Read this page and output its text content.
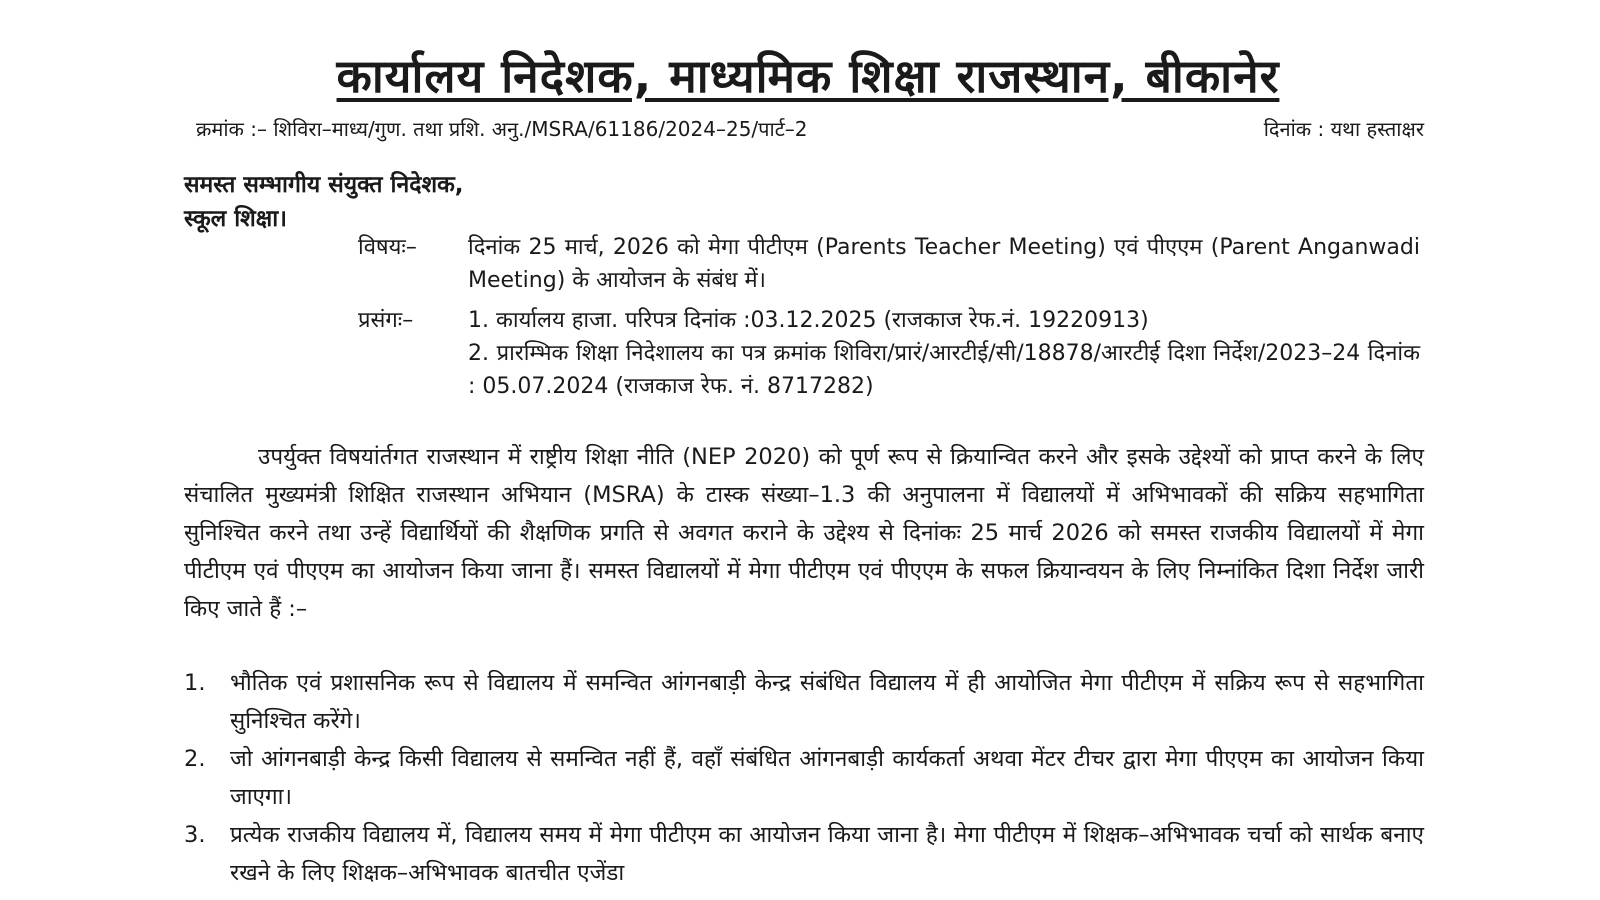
कार्यालय निदेशक, माध्यमिक शिक्षा राजस्थान, बीकानेर
क्रमांक :– शिविरा–माध्य/गुण. तथा प्रशि. अनु./MSRA/61186/2024–25/पार्ट–2	दिनांक : यथा हस्ताक्षर
समस्त सम्भागीय संयुक्त निदेशक,
स्कूल शिक्षा।
विषयः–	दिनांक 25 मार्च, 2026 को मेगा पीटीएम (Parents Teacher Meeting) एवं पीएएम (Parent Anganwadi Meeting) के आयोजन के संबंध में।
प्रसंगः–	1. कार्यालय हाजा. परिपत्र दिनांक :03.12.2025 (राजकाज रेफ.नं. 19220913)
2. प्रारम्भिक शिक्षा निदेशालय का पत्र क्रमांक शिविरा/प्रारं/आरटीई/सी/18878/आरटीई दिशा निर्देश/2023–24 दिनांक : 05.07.2024 (राजकाज रेफ. नं. 8717282)
उपर्युक्त विषयांर्तगत राजस्थान में राष्ट्रीय शिक्षा नीति (NEP 2020) को पूर्ण रूप से क्रियान्वित करने और इसके उद्देश्यों को प्राप्त करने के लिए संचालित मुख्यमंत्री शिक्षित राजस्थान अभियान (MSRA) के टास्क संख्या–1.3 की अनुपालना में विद्यालयों में अभिभावकों की सक्रिय सहभागिता सुनिश्चित करने तथा उन्हें विद्यार्थियों की शैक्षणिक प्रगति से अवगत कराने के उद्देश्य से दिनांकः 25 मार्च 2026 को समस्त राजकीय विद्यालयों में मेगा पीटीएम एवं पीएएम का आयोजन किया जाना हैं। समस्त विद्यालयों में मेगा पीटीएम एवं पीएएम के सफल क्रियान्वयन के लिए निम्नांकित दिशा निर्देश जारी किए जाते हैं :–
1.	भौतिक एवं प्रशासनिक रूप से विद्यालय में समन्वित आंगनबाड़ी केन्द्र संबंधित विद्यालय में ही आयोजित मेगा पीटीएम में सक्रिय रूप से सहभागिता सुनिश्चित करेंगे।
2.	जो आंगनबाड़ी केन्द्र किसी विद्यालय से समन्वित नहीं हैं, वहाँ संबंधित आंगनबाड़ी कार्यकर्ता अथवा मेंटर टीचर द्वारा मेगा पीएएम का आयोजन किया जाएगा।
3.	प्रत्येक राजकीय विद्यालय में, विद्यालय समय में मेगा पीटीएम का आयोजन किया जाना है। मेगा पीटीएम में शिक्षक–अभिभावक चर्चा को सार्थक बनाए रखने के लिए शिक्षक–अभिभावक बातचीत एजेंडा
